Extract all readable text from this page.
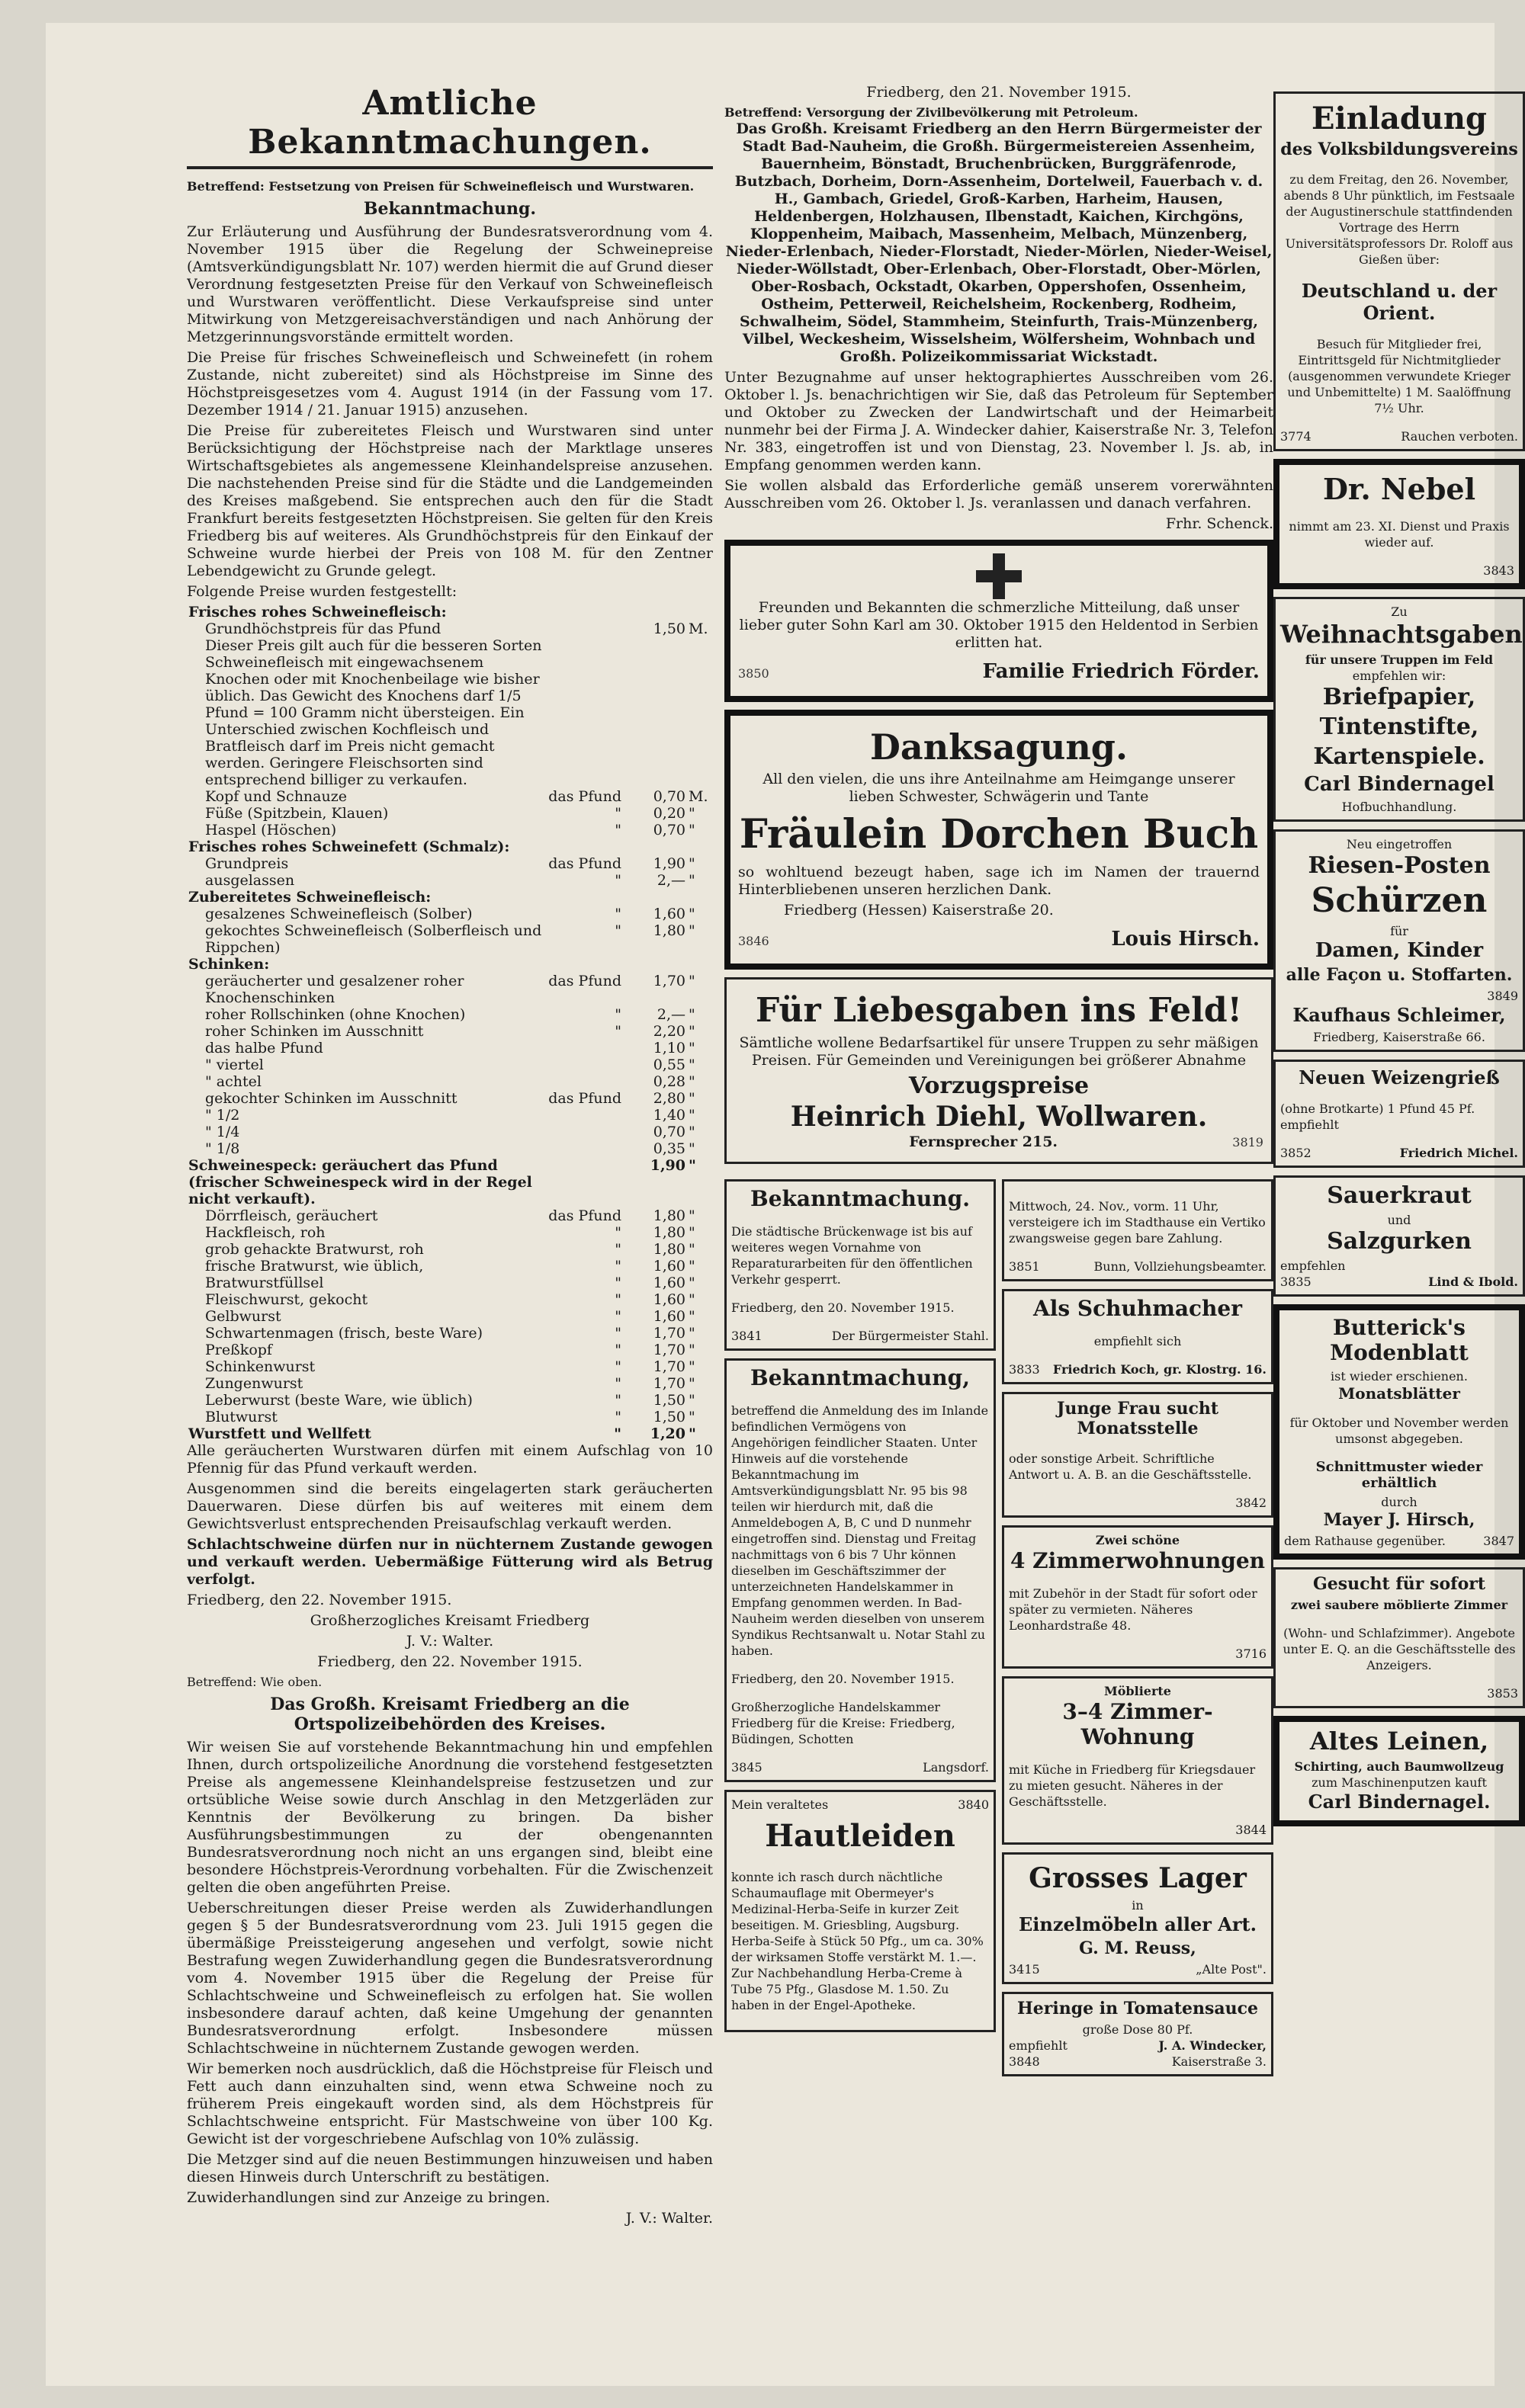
Amtliche Bekanntmachungen.
Betreffend: Festsetzung von Preisen für Schweinefleisch und Wurstwaren.
Bekanntmachung.

Zur Erläuterung und Ausführung der Bundesratsverordnung vom 4. November 1915 über die Regelung der Schweinepreise (Amtsverkündigungsblatt Nr. 107) werden hiermit die auf Grund dieser Verordnung festgesetzten Preise für den Verkauf von Schweinefleisch und Wurstwaren veröffentlicht. Diese Verkaufspreise sind unter Mitwirkung von Metzgereisachverständigen und nach Anhörung der Metzgerinnungsvorstände ermittelt worden.

Die Preise für frisches Schweinefleisch und Schweinefett (in rohem Zustande, nicht zubereitet) sind als Höchstpreise im Sinne des Höchstpreisgesetzes vom 4. August 1914 (in der Fassung vom 17. Dezember 1914 / 21. Januar 1915) anzusehen.

Die Preise für zubereitetes Fleisch und Wurstwaren sind unter Berücksichtigung der Höchstpreise nach der Marktlage unseres Wirtschaftsgebietes als angemessene Kleinhandelspreise anzusehen. Die nachstehenden Preise sind für die Städte und die Landgemeinden des Kreises maßgebend. Sie entsprechen auch den für die Stadt Frankfurt bereits festgesetzten Höchstpreisen. Sie gelten für den Kreis Friedberg bis auf weiteres. Als Grundhöchstpreis für den Einkauf der Schweine wurde hierbei der Preis von 108 M. für den Zentner Lebendgewicht zu Grunde gelegt.

Folgende Preise wurden festgestellt:

Frisches rohes Schweinefleisch:			
Grundhöchstpreis für das Pfund		1,50	M.
Dieser Preis gilt auch für die besseren Sorten Schweinefleisch mit eingewachsenem Knochen oder mit Knochenbeilage wie bisher üblich. Das Gewicht des Knochens darf 1/5 Pfund = 100 Gramm nicht übersteigen. Ein Unterschied zwischen Kochfleisch und Bratfleisch darf im Preis nicht gemacht werden. Geringere Fleischsorten sind entsprechend billiger zu verkaufen.			
Kopf und Schnauze	das Pfund	0,70	M.
Füße (Spitzbein, Klauen)	"	0,20	"
Haspel (Höschen)	"	0,70	"
Frisches rohes Schweinefett (Schmalz):			
Grundpreis	das Pfund	1,90	"
ausgelassen	"	2,—	"
Zubereitetes Schweinefleisch:			
gesalzenes Schweinefleisch (Solber)	"	1,60	"
gekochtes Schweinefleisch (Solberfleisch und Rippchen)	"	1,80	"
Schinken:			
geräucherter und gesalzener roher Knochenschinken	das Pfund	1,70	"
roher Rollschinken (ohne Knochen)	"	2,—	"
roher Schinken im Ausschnitt	"	2,20	"
das halbe Pfund		1,10	"
" viertel		0,55	"
" achtel		0,28	"
gekochter Schinken im Ausschnitt	das Pfund	2,80	"
" 1/2		1,40	"
" 1/4		0,70	"
" 1/8		0,35	"
Schweinespeck: geräuchert das Pfund (frischer Schweinespeck wird in der Regel nicht verkauft).		1,90	"
Dörrfleisch, geräuchert	das Pfund	1,80	"
Hackfleisch, roh	"	1,80	"
grob gehackte Bratwurst, roh	"	1,80	"
frische Bratwurst, wie üblich,	"	1,60	"
Bratwurstfüllsel	"	1,60	"
Fleischwurst, gekocht	"	1,60	"
Gelbwurst	"	1,60	"
Schwartenmagen (frisch, beste Ware)	"	1,70	"
Preßkopf	"	1,70	"
Schinkenwurst	"	1,70	"
Zungenwurst	"	1,70	"
Leberwurst (beste Ware, wie üblich)	"	1,50	"
Blutwurst	"	1,50	"
Wurstfett und Wellfett	"	1,20	"

Alle geräucherten Wurstwaren dürfen mit einem Aufschlag von 10 Pfennig für das Pfund verkauft werden.

Ausgenommen sind die bereits eingelagerten stark geräucherten Dauerwaren. Diese dürfen bis auf weiteres mit einem dem Gewichtsverlust entsprechenden Preisaufschlag verkauft werden.

Schlachtschweine dürfen nur in nüchternem Zustande gewogen und verkauft werden. Uebermäßige Fütterung wird als Betrug verfolgt.

Friedberg, den 22. November 1915.

Großherzogliches Kreisamt Friedberg

J. V.: Walter.

Friedberg, den 22. November 1915.

Betreffend: Wie oben.
Das Großh. Kreisamt Friedberg an die Ortspolizeibehörden des Kreises.

Wir weisen Sie auf vorstehende Bekanntmachung hin und empfehlen Ihnen, durch ortspolizeiliche Anordnung die vorstehend festgesetzten Preise als angemessene Kleinhandelspreise festzusetzen und zur ortsübliche Weise sowie durch Anschlag in den Metzgerläden zur Kenntnis der Bevölkerung zu bringen. Da bisher Ausführungsbestimmungen zu der obengenannten Bundesratsverordnung noch nicht an uns ergangen sind, bleibt eine besondere Höchstpreis-Verordnung vorbehalten. Für die Zwischenzeit gelten die oben angeführten Preise.

Ueberschreitungen dieser Preise werden als Zuwiderhandlungen gegen § 5 der Bundesratsverordnung vom 23. Juli 1915 gegen die übermäßige Preissteigerung angesehen und verfolgt, sowie nicht Bestrafung wegen Zuwiderhandlung gegen die Bundesratsverordnung vom 4. November 1915 über die Regelung der Preise für Schlachtschweine und Schweinefleisch zu erfolgen hat. Sie wollen insbesondere darauf achten, daß keine Umgehung der genannten Bundesratsverordnung erfolgt. Insbesondere müssen Schlachtschweine in nüchternem Zustande gewogen werden.

Wir bemerken noch ausdrücklich, daß die Höchstpreise für Fleisch und Fett auch dann einzuhalten sind, wenn etwa Schweine noch zu früherem Preis eingekauft worden sind, als dem Höchstpreis für Schlachtschweine entspricht. Für Mastschweine von über 100 Kg. Gewicht ist der vorgeschriebene Aufschlag von 10% zulässig.

Die Metzger sind auf die neuen Bestimmungen hinzuweisen und haben diesen Hinweis durch Unterschrift zu bestätigen.

Zuwiderhandlungen sind zur Anzeige zu bringen.

J. V.: Walter.

Friedberg, den 21. November 1915.
Betreffend: Versorgung der Zivilbevölkerung mit Petroleum.

Das Großh. Kreisamt Friedberg an den Herrn Bürgermeister der Stadt Bad-Nauheim, die Großh. Bürgermeistereien Assenheim, Bauernheim, Bönstadt, Bruchenbrücken, Burggräfenrode, Butzbach, Dorheim, Dorn-Assenheim, Dortelweil, Fauerbach v. d. H., Gambach, Griedel, Groß-Karben, Harheim, Hausen, Heldenbergen, Holzhausen, Ilbenstadt, Kaichen, Kirchgöns, Kloppenheim, Maibach, Massenheim, Melbach, Münzenberg, Nieder-Erlenbach, Nieder-Florstadt, Nieder-Mörlen, Nieder-Weisel, Nieder-Wöllstadt, Ober-Erlenbach, Ober-Florstadt, Ober-Mörlen, Ober-Rosbach, Ockstadt, Okarben, Oppershofen, Ossenheim, Ostheim, Petterweil, Reichelsheim, Rockenberg, Rodheim, Schwalheim, Södel, Stammheim, Steinfurth, Trais-Münzenberg, Vilbel, Weckesheim, Wisselsheim, Wölfersheim, Wohnbach und Großh. Polizeikommissariat Wickstadt.

Unter Bezugnahme auf unser hektographiertes Ausschreiben vom 26. Oktober l. Js. benachrichtigen wir Sie, daß das Petroleum für September und Oktober zu Zwecken der Landwirtschaft und der Heimarbeit nunmehr bei der Firma J. A. Windecker dahier, Kaiserstraße Nr. 3, Telefon Nr. 383, eingetroffen ist und von Dienstag, 23. November l. Js. ab, in Empfang genommen werden kann.

Sie wollen alsbald das Erforderliche gemäß unserem vorerwähnten Ausschreiben vom 26. Oktober l. Js. veranlassen und danach verfahren.

Frhr. Schenck.

Freunden und Bekannten die schmerzliche Mitteilung, daß unser lieber guter Sohn Karl am 30. Oktober 1915 den Heldentod in Serbien erlitten hat.

3850	Familie Friedrich Förder.
Danksagung.

All den vielen, die uns ihre Anteilnahme am Heimgange unserer lieben Schwester, Schwägerin und Tante

Fräulein Dorchen Buch

so wohltuend bezeugt haben, sage ich im Namen der trauernd Hinterbliebenen unseren herzlichen Dank.

Friedberg (Hessen) Kaiserstraße 20.

3846	Louis Hirsch.
Für Liebesgaben ins Feld!

Sämtliche wollene Bedarfsartikel für unsere Truppen zu sehr mäßigen Preisen. Für Gemeinden und Vereinigungen bei größerer Abnahme

Vorzugspreise
Heinrich Diehl, Wollwaren.
Fernsprecher 215.	3819
Bekanntmachung.

Die städtische Brückenwage ist bis auf weiteres wegen Vornahme von Reparaturarbeiten für den öffentlichen Verkehr gesperrt.

Friedberg, den 20. November 1915.

3841	Der Bürgermeister Stahl.
Bekanntmachung,

betreffend die Anmeldung des im Inlande befindlichen Vermögens von Angehörigen feindlicher Staaten. Unter Hinweis auf die vorstehende Bekanntmachung im Amtsverkündigungsblatt Nr. 95 bis 98 teilen wir hierdurch mit, daß die Anmeldebogen A, B, C und D nunmehr eingetroffen sind. Dienstag und Freitag nachmittags von 6 bis 7 Uhr können dieselben im Geschäftszimmer der unterzeichneten Handelskammer in Empfang genommen werden. In Bad-Nauheim werden dieselben von unserem Syndikus Rechtsanwalt u. Notar Stahl zu haben.

Friedberg, den 20. November 1915.

Großherzogliche Handelskammer Friedberg für die Kreise: Friedberg, Büdingen, Schotten

3845	Langsdorf.
Mein veraltetes	3840
Hautleiden

konnte ich rasch durch nächtliche Schaumauflage mit Obermeyer's Medizinal-Herba-Seife in kurzer Zeit beseitigen. M. Griesbling, Augsburg. Herba-Seife à Stück 50 Pfg., um ca. 30% der wirksamen Stoffe verstärkt M. 1.—. Zur Nachbehandlung Herba-Creme à Tube 75 Pfg., Glasdose M. 1.50. Zu haben in der Engel-Apotheke.

Mittwoch, 24. Nov., vorm. 11 Uhr, versteigere ich im Stadthause ein Vertiko zwangsweise gegen bare Zahlung.

3851	Bunn, Vollziehungsbeamter.
Als Schuhmacher

empfiehlt sich

3833 Friedrich Koch, gr. Klostrg. 16.
Junge Frau sucht Monatsstelle

oder sonstige Arbeit. Schriftliche Antwort u. A. B. an die Geschäftsstelle.

3842
Zwei schöne
4 Zimmerwohnungen

mit Zubehör in der Stadt für sofort oder später zu vermieten. Näheres Leonhardstraße 48.

3716
Möblierte
3–4 Zimmer-Wohnung

mit Küche in Friedberg für Kriegsdauer zu mieten gesucht. Näheres in der Geschäftsstelle.

3844
Grosses Lager
in
Einzelmöbeln aller Art.
G. M. Reuss,
3415	„Alte Post".
Heringe in Tomatensauce
große Dose 80 Pf.
empfiehlt	J. A. Windecker,
3848	Kaiserstraße 3.
Einladung
des Volksbildungsvereins

zu dem Freitag, den 26. November, abends 8 Uhr pünktlich, im Festsaale der Augustinerschule stattfindenden Vortrage des Herrn Universitätsprofessors Dr. Roloff aus Gießen über:

Deutschland u. der Orient.

Besuch für Mitglieder frei, Eintrittsgeld für Nichtmitglieder (ausgenommen verwundete Krieger und Unbemittelte) 1 M. Saalöffnung 7½ Uhr.

3774	Rauchen verboten.
Dr. Nebel

nimmt am 23. XI. Dienst und Praxis wieder auf.

3843
Zu
Weihnachtsgaben
für unsere Truppen im Feld
empfehlen wir:
Briefpapier,
Tintenstifte,
Kartenspiele.
Carl Bindernagel
Hofbuchhandlung.
Neu eingetroffen
Riesen-Posten
Schürzen
für
Damen, Kinder
alle Façon u. Stoffarten.
3849
Kaufhaus Schleimer,
Friedberg, Kaiserstraße 66.
Neuen Weizengrieß

(ohne Brotkarte) 1 Pfund 45 Pf. empfiehlt

3852	Friedrich Michel.
Sauerkraut
und
Salzgurken
empfehlen
3835	Lind & Ibold.
Butterick's Modenblatt
ist wieder erschienen.
Monatsblätter

für Oktober und November werden umsonst abgegeben.

Schnittmuster wieder erhältlich
durch
Mayer J. Hirsch,
dem Rathause gegenüber.	3847
Gesucht für sofort
zwei saubere möblierte Zimmer

(Wohn- und Schlafzimmer). Angebote unter E. Q. an die Geschäftsstelle des Anzeigers.

3853
Altes Leinen,
Schirting, auch Baumwollzeug
zum Maschinenputzen kauft
Carl Bindernagel.
